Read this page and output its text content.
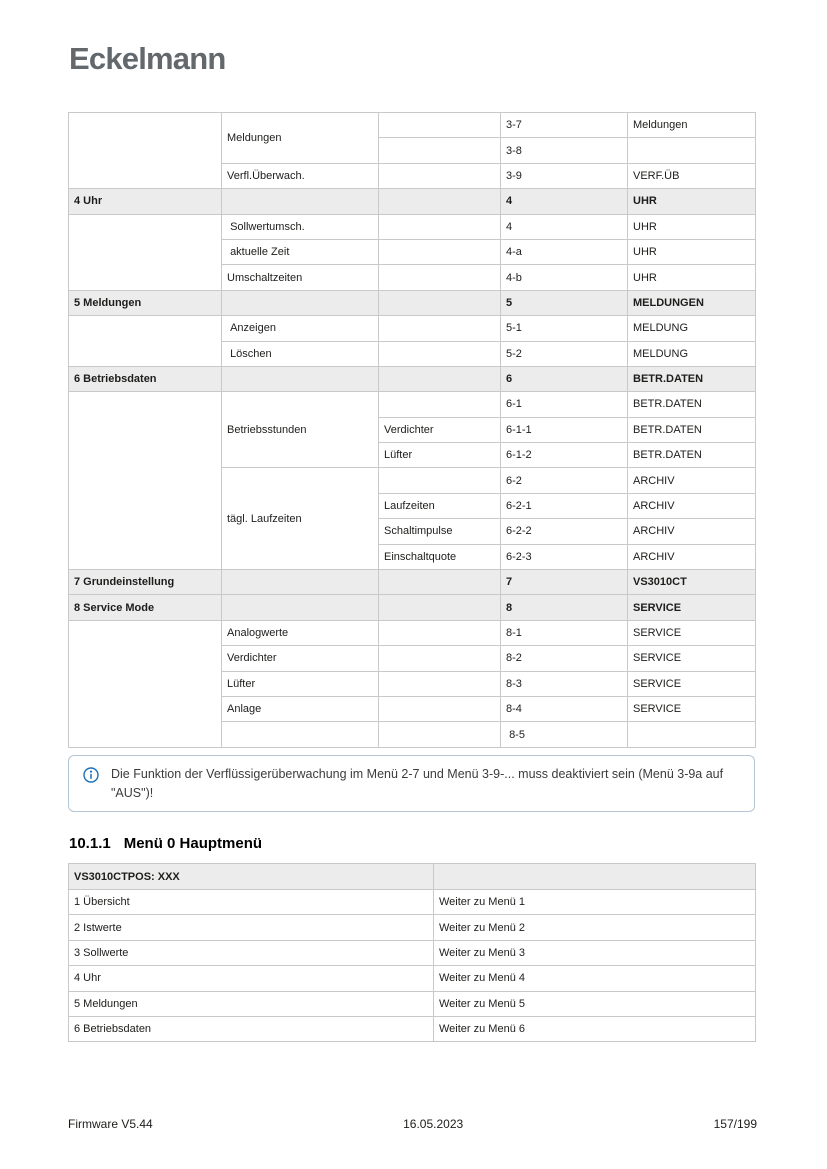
Eckelmann
	Meldungen		3-7	Meldungen
			3-8	
	Verfl.Überwach.		3-9	VERF.ÜB
4 Uhr			4	UHR
	Sollwertumsch.		4	UHR
	aktuelle Zeit		4-a	UHR
	Umschaltzeiten		4-b	UHR
5 Meldungen			5	MELDUNGEN
	Anzeigen		5-1	MELDUNG
	Löschen		5-2	MELDUNG
6 Betriebsdaten			6	BETR.DATEN
	Betriebsstunden		6-1	BETR.DATEN
		Verdichter	6-1-1	BETR.DATEN
		Lüfter	6-1-2	BETR.DATEN
	tägl. Laufzeiten		6-2	ARCHIV
		Laufzeiten	6-2-1	ARCHIV
		Schaltimpulse	6-2-2	ARCHIV
		Einschaltquote	6-2-3	ARCHIV
7 Grundeinstellung			7	VS3010CT
8 Service Mode			8	SERVICE
	Analogwerte		8-1	SERVICE
	Verdichter		8-2	SERVICE
	Lüfter		8-3	SERVICE
	Anlage		8-4	SERVICE
			8-5	
Die Funktion der Verflüssigerüberwachung im Menü 2-7 und Menü 3-9-... muss deaktiviert sein (Menü 3-9a auf "AUS")!
10.1.1 Menü 0 Hauptmenü
VS3010CTPOS: XXX	
1 Übersicht	Weiter zu Menü 1
2 Istwerte	Weiter zu Menü 2
3 Sollwerte	Weiter zu Menü 3
4 Uhr	Weiter zu Menü 4
5 Meldungen	Weiter zu Menü 5
6 Betriebsdaten	Weiter zu Menü 6
Firmware V5.44	16.05.2023	157/199
